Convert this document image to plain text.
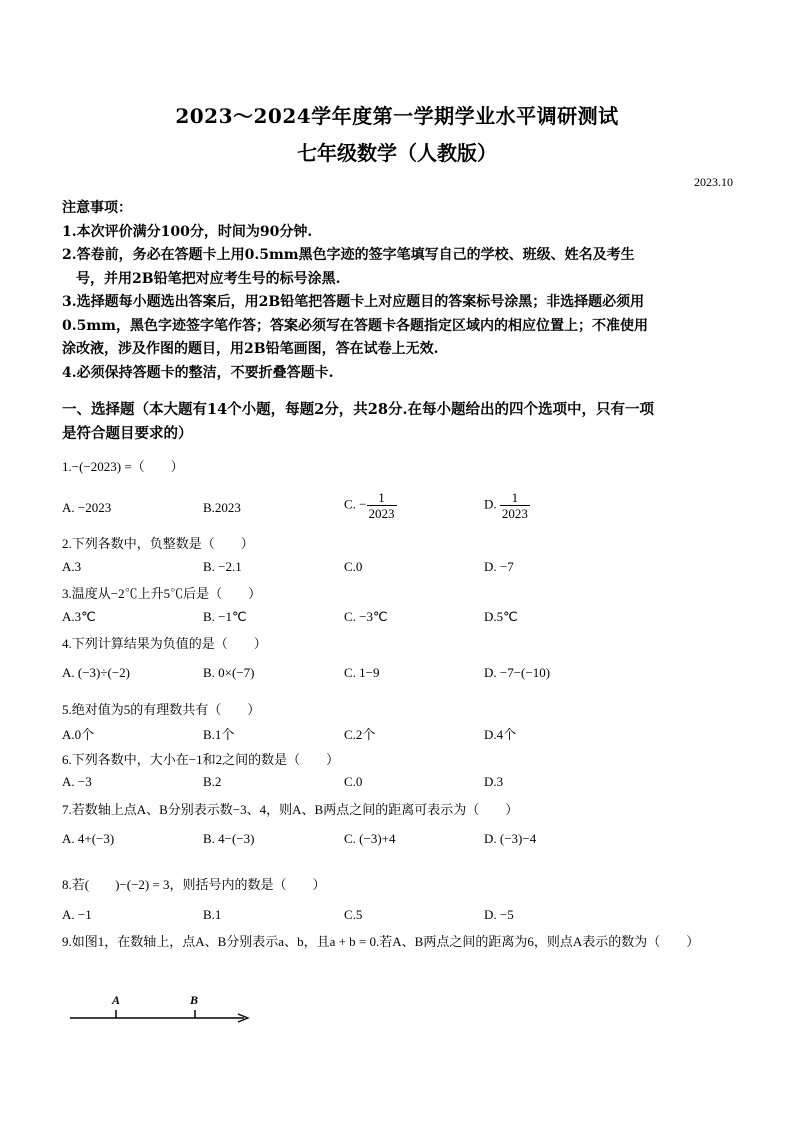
2023～2024学年度第一学期学业水平调研测试
七年级数学（人教版）
2023.10

注意事项：

1.本次评价满分100分，时间为90分钟.

2.答卷前，务必在答题卡上用0.5mm黑色字迹的签字笔填写自己的学校、班级、姓名及考生

号，并用2B铅笔把对应考生号的标号涂黑.

3.选择题每小题选出答案后，用2B铅笔把答题卡上对应题目的答案标号涂黑；非选择题必须用

0.5mm，黑色字迹签字笔作答；答案必须写在答题卡各题指定区域内的相应位置上；不准使用

涂改液，涉及作图的题目，用2B铅笔画图，答在试卷上无效.

4.必须保持答题卡的整洁，不要折叠答题卡.

一、选择题（本大题有14个小题，每题2分，共28分.在每小题给出的四个选项中，只有一项
是符合题目要求的）
1.−(−2023) =（　　）
A. −2023	B.2023	C. − $\frac{1}{2023}$	D. $\frac{1}{2023}$
2.下列各数中，负整数是（　　）
A.3	B. −2.1	C.0	D. −7
3.温度从−2℃上升5℃后是（　　）
A.3℃	B. −1℃	C. −3℃	D.5℃
4.下列计算结果为负值的是（　　）
A. (−3)÷(−2)	B. 0×(−7)	C. 1−9	D. −7−(−10)
5.绝对值为5的有理数共有（　　）
A.0个	B.1个	C.2个	D.4个
6.下列各数中，大小在−1和2之间的数是（　　）
A. −3	B.2	C.0	D.3
7.若数轴上点A、B分别表示数−3、4，则A、B两点之间的距离可表示为（　　）
A. 4+(−3)	B. 4−(−3)	C. (−3)+4	D. (−3)−4
8.若(　　)−(−2) = 3，则括号内的数是（　　）
A. −1	B.1	C.5	D. −5
9.如图1，在数轴上，点A、B分别表示a、b，且a + b = 0.若A、B两点之间的距离为6，则点A表示的数为（　　）
A	B
